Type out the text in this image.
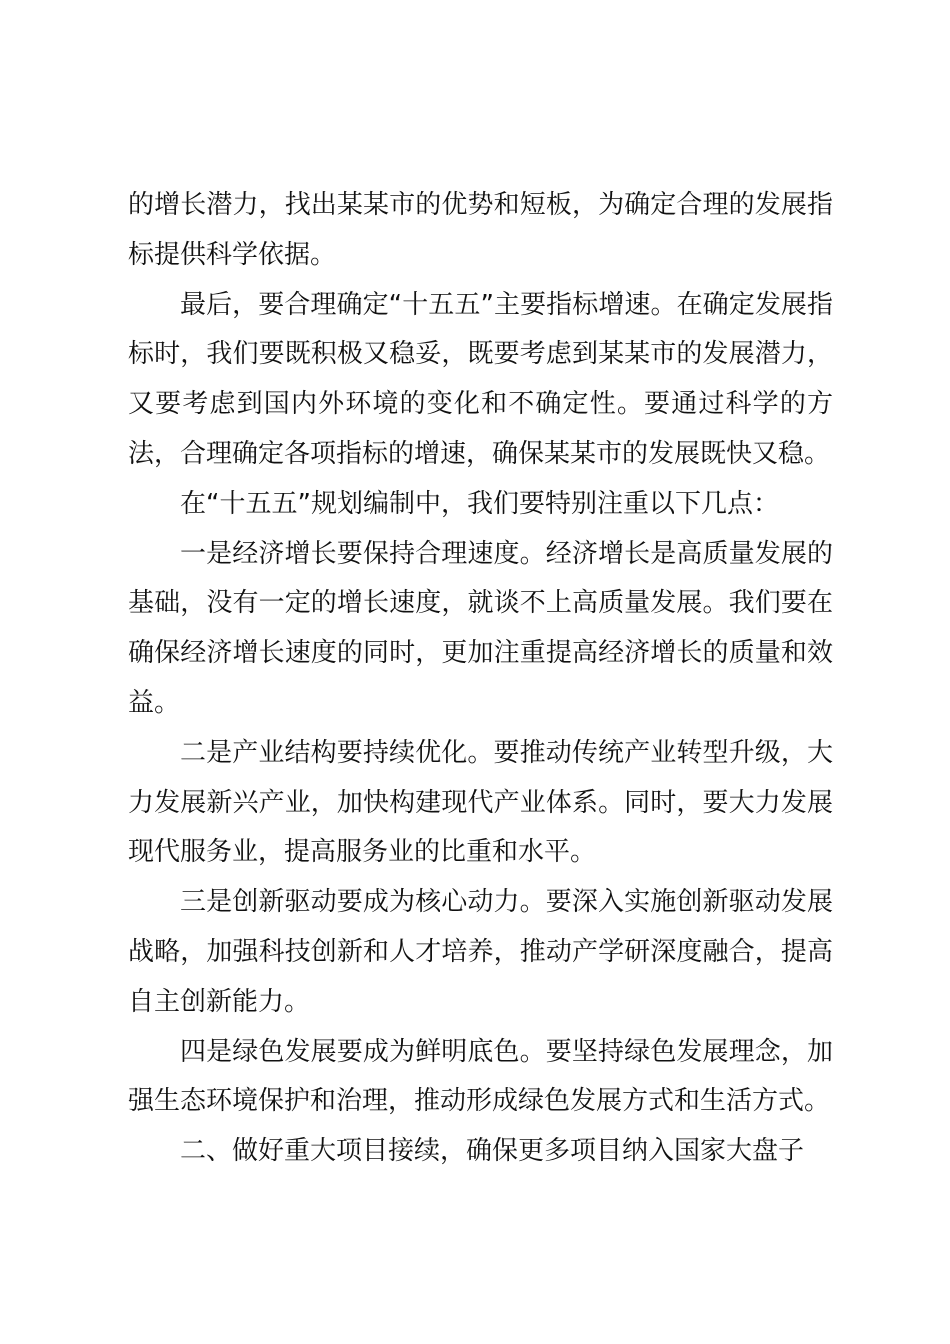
的增长潜力，找出某某市的优势和短板，为确定合理的发展指标提供科学依据。

最后，要合理确定“十五五”主要指标增速。在确定发展指标时，我们要既积极又稳妥，既要考虑到某某市的发展潜力，又要考虑到国内外环境的变化和不确定性。要通过科学的方法，合理确定各项指标的增速，确保某某市的发展既快又稳。

在“十五五”规划编制中，我们要特别注重以下几点：

一是经济增长要保持合理速度。经济增长是高质量发展的基础，没有一定的增长速度，就谈不上高质量发展。我们要在确保经济增长速度的同时，更加注重提高经济增长的质量和效益。

二是产业结构要持续优化。要推动传统产业转型升级，大力发展新兴产业，加快构建现代产业体系。同时，要大力发展现代服务业，提高服务业的比重和水平。

三是创新驱动要成为核心动力。要深入实施创新驱动发展战略，加强科技创新和人才培养，推动产学研深度融合，提高自主创新能力。

四是绿色发展要成为鲜明底色。要坚持绿色发展理念，加强生态环境保护和治理，推动形成绿色发展方式和生活方式。

二、做好重大项目接续，确保更多项目纳入国家大盘子
